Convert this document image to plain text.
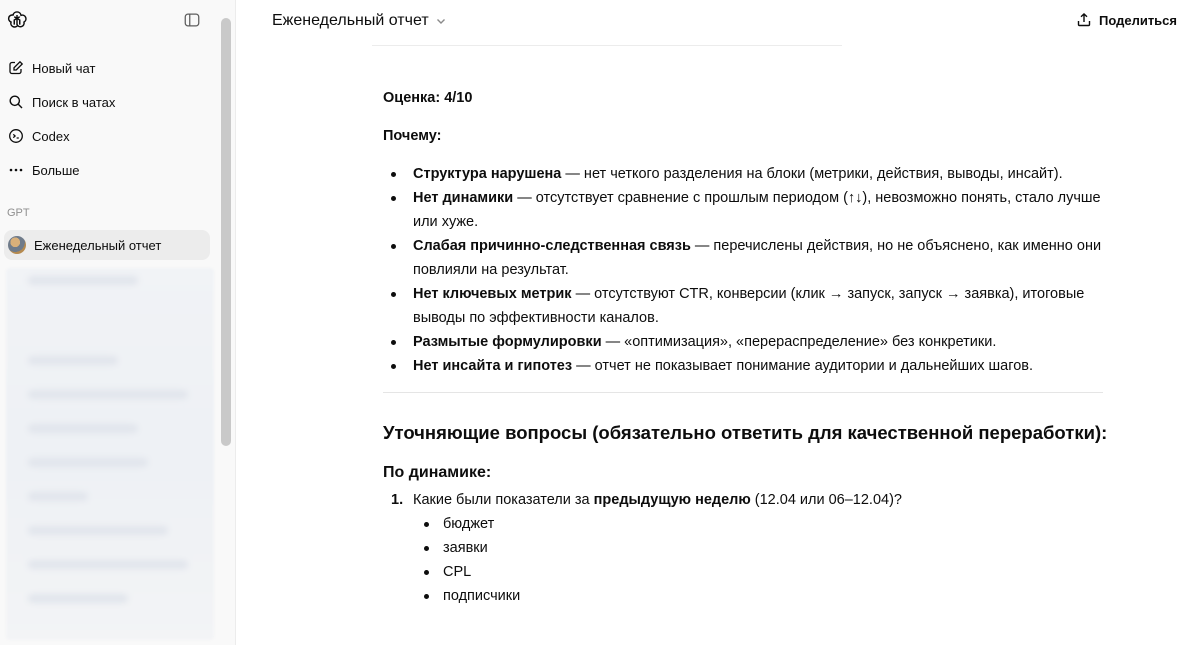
Новый чат
Поиск в чатах
Codex
Больше
GPT
Еженедельный отчет
Еженедельный отчет	Поделиться
Оценка: 4/10
Почему:
Структура нарушена — нет четкого разделения на блоки (метрики, действия, выводы, инсайт).
Нет динамики — отсутствует сравнение с прошлым периодом (↑↓), невозможно понять, стало лучше или хуже.
Слабая причинно-следственная связь — перечислены действия, но не объяснено, как именно они повлияли на результат.
Нет ключевых метрик — отсутствуют CTR, конверсии (клик → запуск, запуск → заявка), итоговые выводы по эффективности каналов.
Размытые формулировки — «оптимизация», «перераспределение» без конкретики.
Нет инсайта и гипотез — отчет не показывает понимание аудитории и дальнейших шагов.
Уточняющие вопросы (обязательно ответить для качественной переработки):
По динамике:
1. Какие были показатели за предыдущую неделю (12.04 или 06–12.04)?
бюджет
заявки
CPL
подписчики
